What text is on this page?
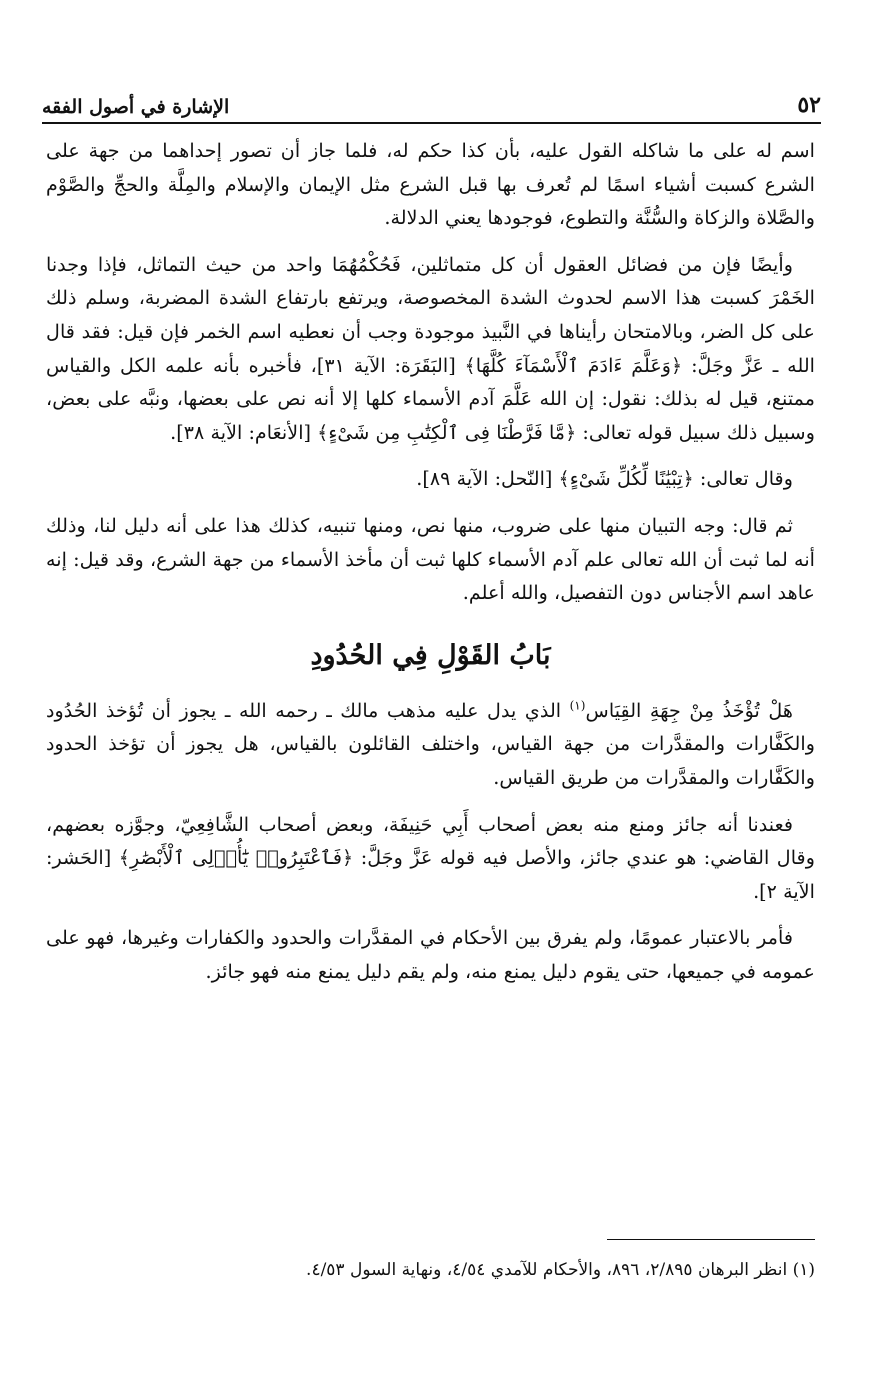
٥٢
الإشارة في أصول الفقه

اسم له على ما شاكله القول عليه، بأن كذا حكم له، فلما جاز أن تصور إحداهما من جهة على الشرع كسبت أشياء اسمًا لم تُعرف بها قبل الشرع مثل الإيمان والإسلام والمِلَّة والحجِّ والصَّوْم والصَّلاة والزكاة والسُّنَّة والتطوع، فوجودها يعني الدلالة.

وأيضًا فإن من فضائل العقول أن كل متماثلين، فَحُكْمُهُمَا واحد من حيث التماثل، فإذا وجدنا الخَمْرَ كسبت هذا الاسم لحدوث الشدة المخصوصة، ويرتفع بارتفاع الشدة المضربة، وسلم ذلك على كل الضر، وبالامتحان رأيناها في النَّبيذ موجودة وجب أن نعطيه اسم الخمر فإن قيل: فقد قال الله ـ عَزَّ وجَلَّ: ﴿وَعَلَّمَ ءَادَمَ ٱلْأَسْمَآءَ كُلَّهَا﴾ [البَقَرَة: الآية ٣١]، فأخبره بأنه علمه الكل والقياس ممتنع، قيل له بذلك: نقول: إن الله عَلَّمَ آدم الأسماء كلها إلا أنه نص على بعضها، ونبَّه على بعض، وسبيل ذلك سبيل قوله تعالى: ﴿مَّا فَرَّطْنَا فِى ٱلْكِتَٰبِ مِن شَىْءٍ﴾ [الأنعَام: الآية ٣٨].

وقال تعالى: ﴿تِبْيَٰنًا لِّكُلِّ شَىْءٍ﴾ [النّحل: الآية ٨٩].

ثم قال: وجه التبيان منها على ضروب، منها نص، ومنها تنبيه، كذلك هذا على أنه دليل لنا، وذلك أنه لما ثبت أن الله تعالى علم آدم الأسماء كلها ثبت أن مأخذ الأسماء من جهة الشرع، وقد قيل: إنه عاهد اسم الأجناس دون التفصيل، والله أعلم.

بَابُ القَوْلِ فِي الحُدُودِ

هَلْ تُؤْخَذُ مِنْ جِهَةِ القِيَاس$^{(١)}$ الذي يدل عليه مذهب مالك ـ رحمه الله ـ يجوز أن تُؤخذ الحُدُود والكَفَّارات والمقدَّرات من جهة القياس، واختلف القائلون بالقياس، هل يجوز أن تؤخذ الحدود والكَفَّارات والمقدَّرات من طريق القياس.

فعندنا أنه جائز ومنع منه بعض أصحاب أَبِي حَنِيفَة، وبعض أصحاب الشَّافِعِيّ، وجوَّزه بعضهم، وقال القاضي: هو عندي جائز، والأصل فيه قوله عَزَّ وجَلَّ: ﴿فَٱعْتَبِرُوا۟ يَٰٓأُو۟لِى ٱلْأَبْصَٰرِ﴾ [الحَشر: الآية ٢].

فأمر بالاعتبار عمومًا، ولم يفرق بين الأحكام في المقدَّرات والحدود والكفارات وغيرها، فهو على عمومه في جميعها، حتى يقوم دليل يمنع منه، ولم يقم دليل يمنع منه فهو جائز.

(١) انظر البرهان ٢/٨٩٥، ٨٩٦، والأحكام للآمدي ٤/٥٤، ونهاية السول ٤/٥٣.
